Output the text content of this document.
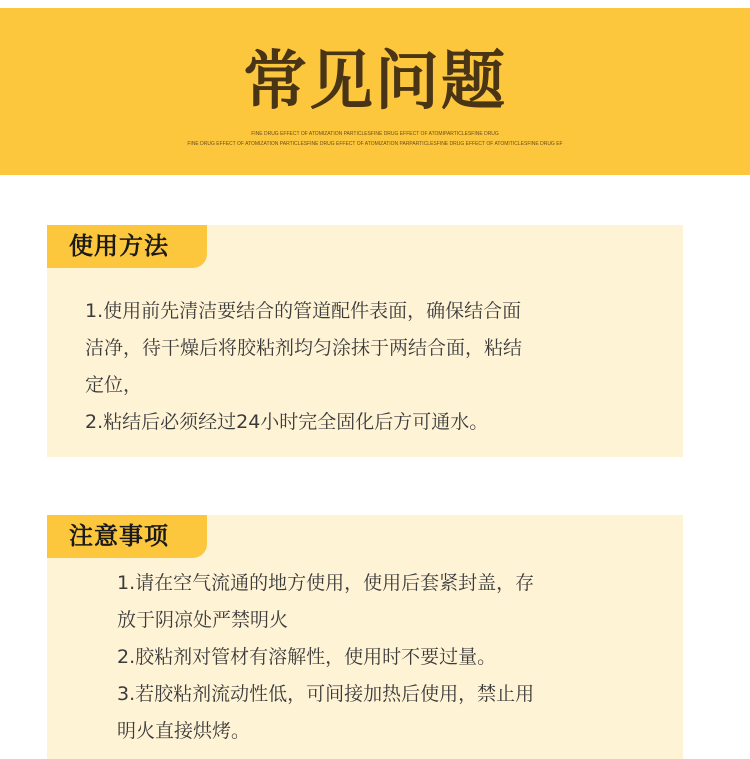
常见问题
FINE DRUG EFFECT OF ATOMIZATION PARTICLESFINE DRUG EFFECT OF ATOMIPARTICLESFINE DRUG
FINE DRUG EFFECT OF ATOMIZATION PARTICLESFINE DRUG EFFECT OF ATOMIZATION PARPARTICLESFINE DRUG EFFECT OF ATOMITICLESFINE DRUG EF
使用方法
1.使用前先清洁要结合的管道配件表面，确保结合面
洁净，待干燥后将胶粘剂均匀涂抹于两结合面，粘结
定位，
2.粘结后必须经过24小时完全固化后方可通水。
注意事项
1.请在空气流通的地方使用，使用后套紧封盖，存
放于阴凉处严禁明火
2.胶粘剂对管材有溶解性，使用时不要过量。
3.若胶粘剂流动性低，可间接加热后使用，禁止用
明火直接烘烤。
